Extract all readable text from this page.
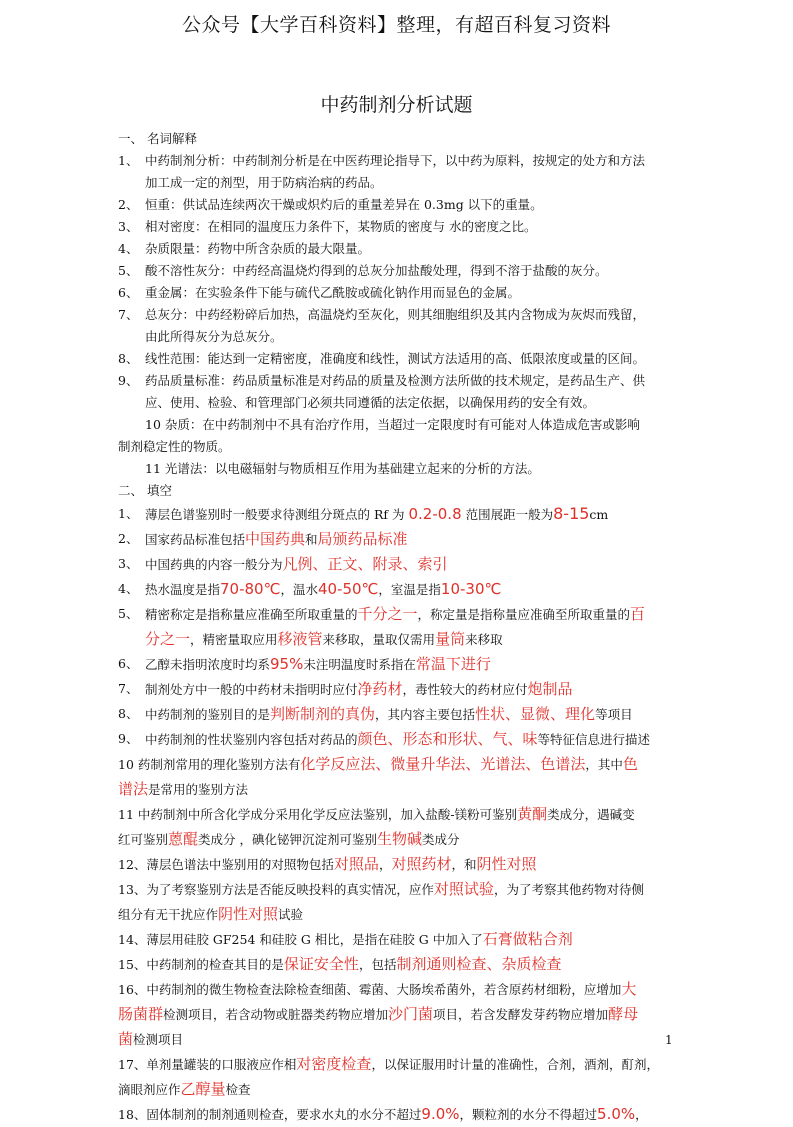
公众号【大学百科资料】整理，有超百科复习资料
中药制剂分析试题
一、 名词解释
1、 中药制剂分析：中药制剂分析是在中医药理论指导下，以中药为原料，按规定的处方和方法
加工成一定的剂型，用于防病治病的药品。
2、 恒重：供试品连续两次干燥或炽灼后的重量差异在 0.3mg 以下的重量。
3、 相对密度：在相同的温度压力条件下，某物质的密度与 水的密度之比。
4、 杂质限量：药物中所含杂质的最大限量。
5、 酸不溶性灰分：中药经高温烧灼得到的总灰分加盐酸处理，得到不溶于盐酸的灰分。
6、 重金属：在实验条件下能与硫代乙酰胺或硫化钠作用而显色的金属。
7、 总灰分：中药经粉碎后加热，高温烧灼至灰化，则其细胞组织及其内含物成为灰烬而残留，
由此所得灰分为总灰分。
8、 线性范围：能达到一定精密度，准确度和线性，测试方法适用的高、低限浓度或量的区间。
9、 药品质量标准：药品质量标准是对药品的质量及检测方法所做的技术规定，是药品生产、供
应、使用、检验、和管理部门必须共同遵循的法定依据，以确保用药的安全有效。
10 杂质：在中药制剂中不具有治疗作用，当超过一定限度时有可能对人体造成危害或影响
制剂稳定性的物质。
11 光谱法：以电磁辐射与物质相互作用为基础建立起来的分析的方法。
二、 填空
1、 薄层色谱鉴别时一般要求待测组分斑点的 Rf 为 0.2-0.8 范围展距一般为8-15cm
2、 国家药品标准包括中国药典和局颁药品标准
3、 中国药典的内容一般分为凡例、正文、附录、索引
4、 热水温度是指70-80℃，温水40-50℃，室温是指10-30℃
5、 精密称定是指称量应准确至所取重量的千分之一，称定量是指称量应准确至所取重量的百
分之一，精密量取应用移液管来移取，量取仅需用量筒来移取
6、 乙醇未指明浓度时均系95%未注明温度时系指在常温下进行
7、 制剂处方中一般的中药材未指明时应付净药材，毒性较大的药材应付炮制品
8、 中药制剂的鉴别目的是判断制剂的真伪，其内容主要包括性状、显微、理化等项目
9、 中药制剂的性状鉴别内容包括对药品的颜色、形态和形状、气、味等特征信息进行描述
10 药制剂常用的理化鉴别方法有化学反应法、微量升华法、光谱法、色谱法，其中色
谱法是常用的鉴别方法
11 中药制剂中所含化学成分采用化学反应法鉴别，加入盐酸-镁粉可鉴别黄酮类成分，遇碱变
红可鉴别蒽醌类成分 ，碘化铋钾沉淀剂可鉴别生物碱类成分
12、薄层色谱法中鉴别用的对照物包括对照品，对照药材，和阴性对照
13、为了考察鉴别方法是否能反映投料的真实情况，应作对照试验，为了考察其他药物对待侧
组分有无干扰应作阴性对照试验
14、薄层用硅胶 GF254 和硅胶 G 相比，是指在硅胶 G 中加入了石膏做粘合剂
15、中药制剂的检查其目的是保证安全性，包括制剂通则检查、杂质检查
16、中药制剂的微生物检查法除检查细菌、霉菌、大肠埃希菌外，若含原药材细粉，应增加大
肠菌群检测项目，若含动物或脏器类药物应增加沙门菌项目，若含发酵发芽药物应增加酵母
菌检测项目
17、单剂量罐装的口服液应作相对密度检查，以保证服用时计量的准确性，合剂，酒剂，酊剂，
滴眼剂应作乙醇量检查
18、固体制剂的制剂通则检查，要求水丸的水分不超过9.0%，颗粒剂的水分不得超过5.0%，
1
